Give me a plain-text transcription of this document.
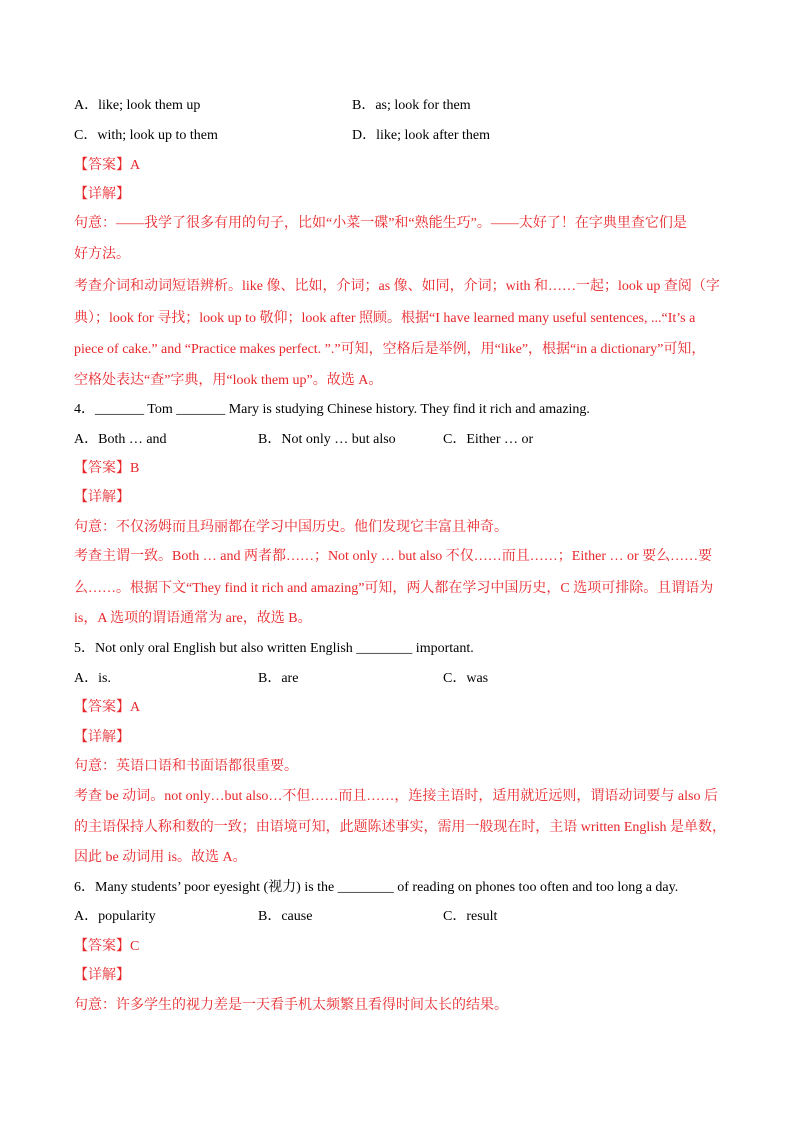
A．like; look them up	B．as; look for them
C．with; look up to them	D．like; look after them
【答案】A
【详解】
句意：——我学了很多有用的句子，比如“小菜一碟”和“熟能生巧”。——太好了！在字典里查它们是
好方法。
考查介词和动词短语辨析。like 像、比如，介词；as 像、如同，介词；with 和……一起；look up 查阅（字
典）；look for 寻找；look up to 敬仰；look after 照顾。根据“I have learned many useful sentences, ...“It’s a
piece of cake.” and “Practice makes perfect. ”.”可知，空格后是举例，用“like”，根据“in a dictionary”可知，
空格处表达“查”字典，用“look them up”。故选 A。
4．_______ Tom _______ Mary is studying Chinese history. They find it rich and amazing.
A．Both … and	B．Not only … but also	C．Either … or
【答案】B
【详解】
句意：不仅汤姆而且玛丽都在学习中国历史。他们发现它丰富且神奇。
考查主谓一致。Both … and 两者都……；Not only … but also 不仅……而且……；Either … or 要么……要
么……。根据下文“They find it rich and amazing”可知，两人都在学习中国历史，C 选项可排除。且谓语为
is，A 选项的谓语通常为 are，故选 B。
5．Not only oral English but also written English ________ important.
A．is.	B．are	C．was
【答案】A
【详解】
句意：英语口语和书面语都很重要。
考查 be 动词。not only…but also…不但……而且……，连接主语时，适用就近远则，谓语动词要与 also 后
的主语保持人称和数的一致；由语境可知，此题陈述事实，需用一般现在时，主语 written English 是单数，
因此 be 动词用 is。故选 A。
6．Many students’ poor eyesight (视力) is the ________ of reading on phones too often and too long a day.
A．popularity	B．cause	C．result
【答案】C
【详解】
句意：许多学生的视力差是一天看手机太频繁且看得时间太长的结果。
